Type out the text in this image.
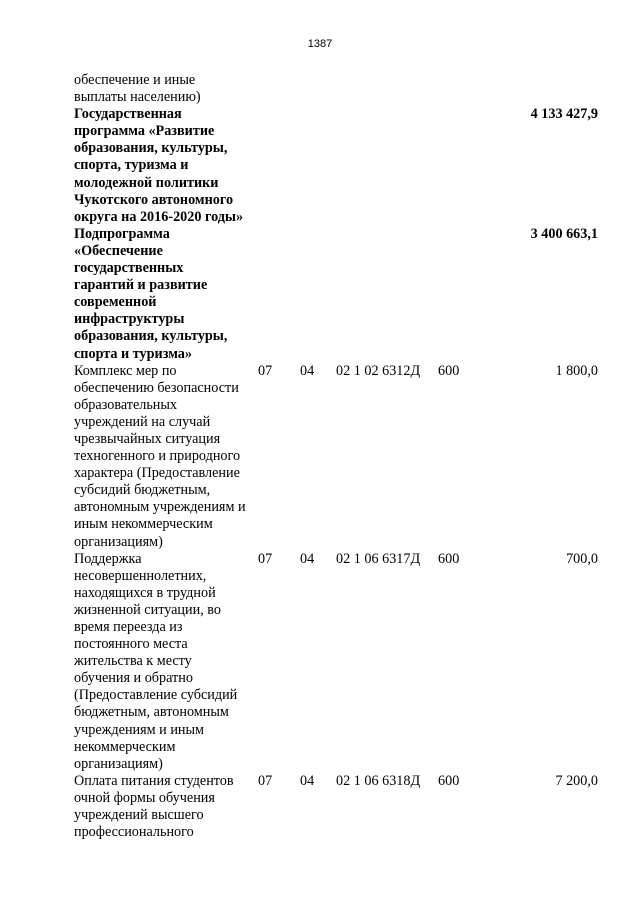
1387
обеспечение и иные
выплаты населению)
Государственная
программа «Развитие
образования, культуры,
спорта, туризма и
молодежной политики
Чукотского автономного
округа на 2016-2020 годы»
4 133 427,9
Подпрограмма
«Обеспечение
государственных
гарантий и развитие
современной
инфраструктуры
образования, культуры,
спорта и туризма»
3 400 663,1
Комплекс мер по
обеспечению безопасности
образовательных
учреждений на случай
чрезвычайных ситуация
техногенного и природного
характера (Предоставление
субсидий бюджетным,
автономным учреждениям и
иным некоммерческим
организациям)
07 04 02 1 02 6312Д 600	1 800,0
Поддержка
несовершеннолетних,
находящихся в трудной
жизненной ситуации, во
время переезда из
постоянного места
жительства к месту
обучения и обратно
(Предоставление субсидий
бюджетным, автономным
учреждениям и иным
некоммерческим
организациям)
07 04 02 1 06 6317Д 600	700,0
Оплата питания студентов
очной формы обучения
учреждений высшего
профессионального
07 04 02 1 06 6318Д 600	7 200,0
